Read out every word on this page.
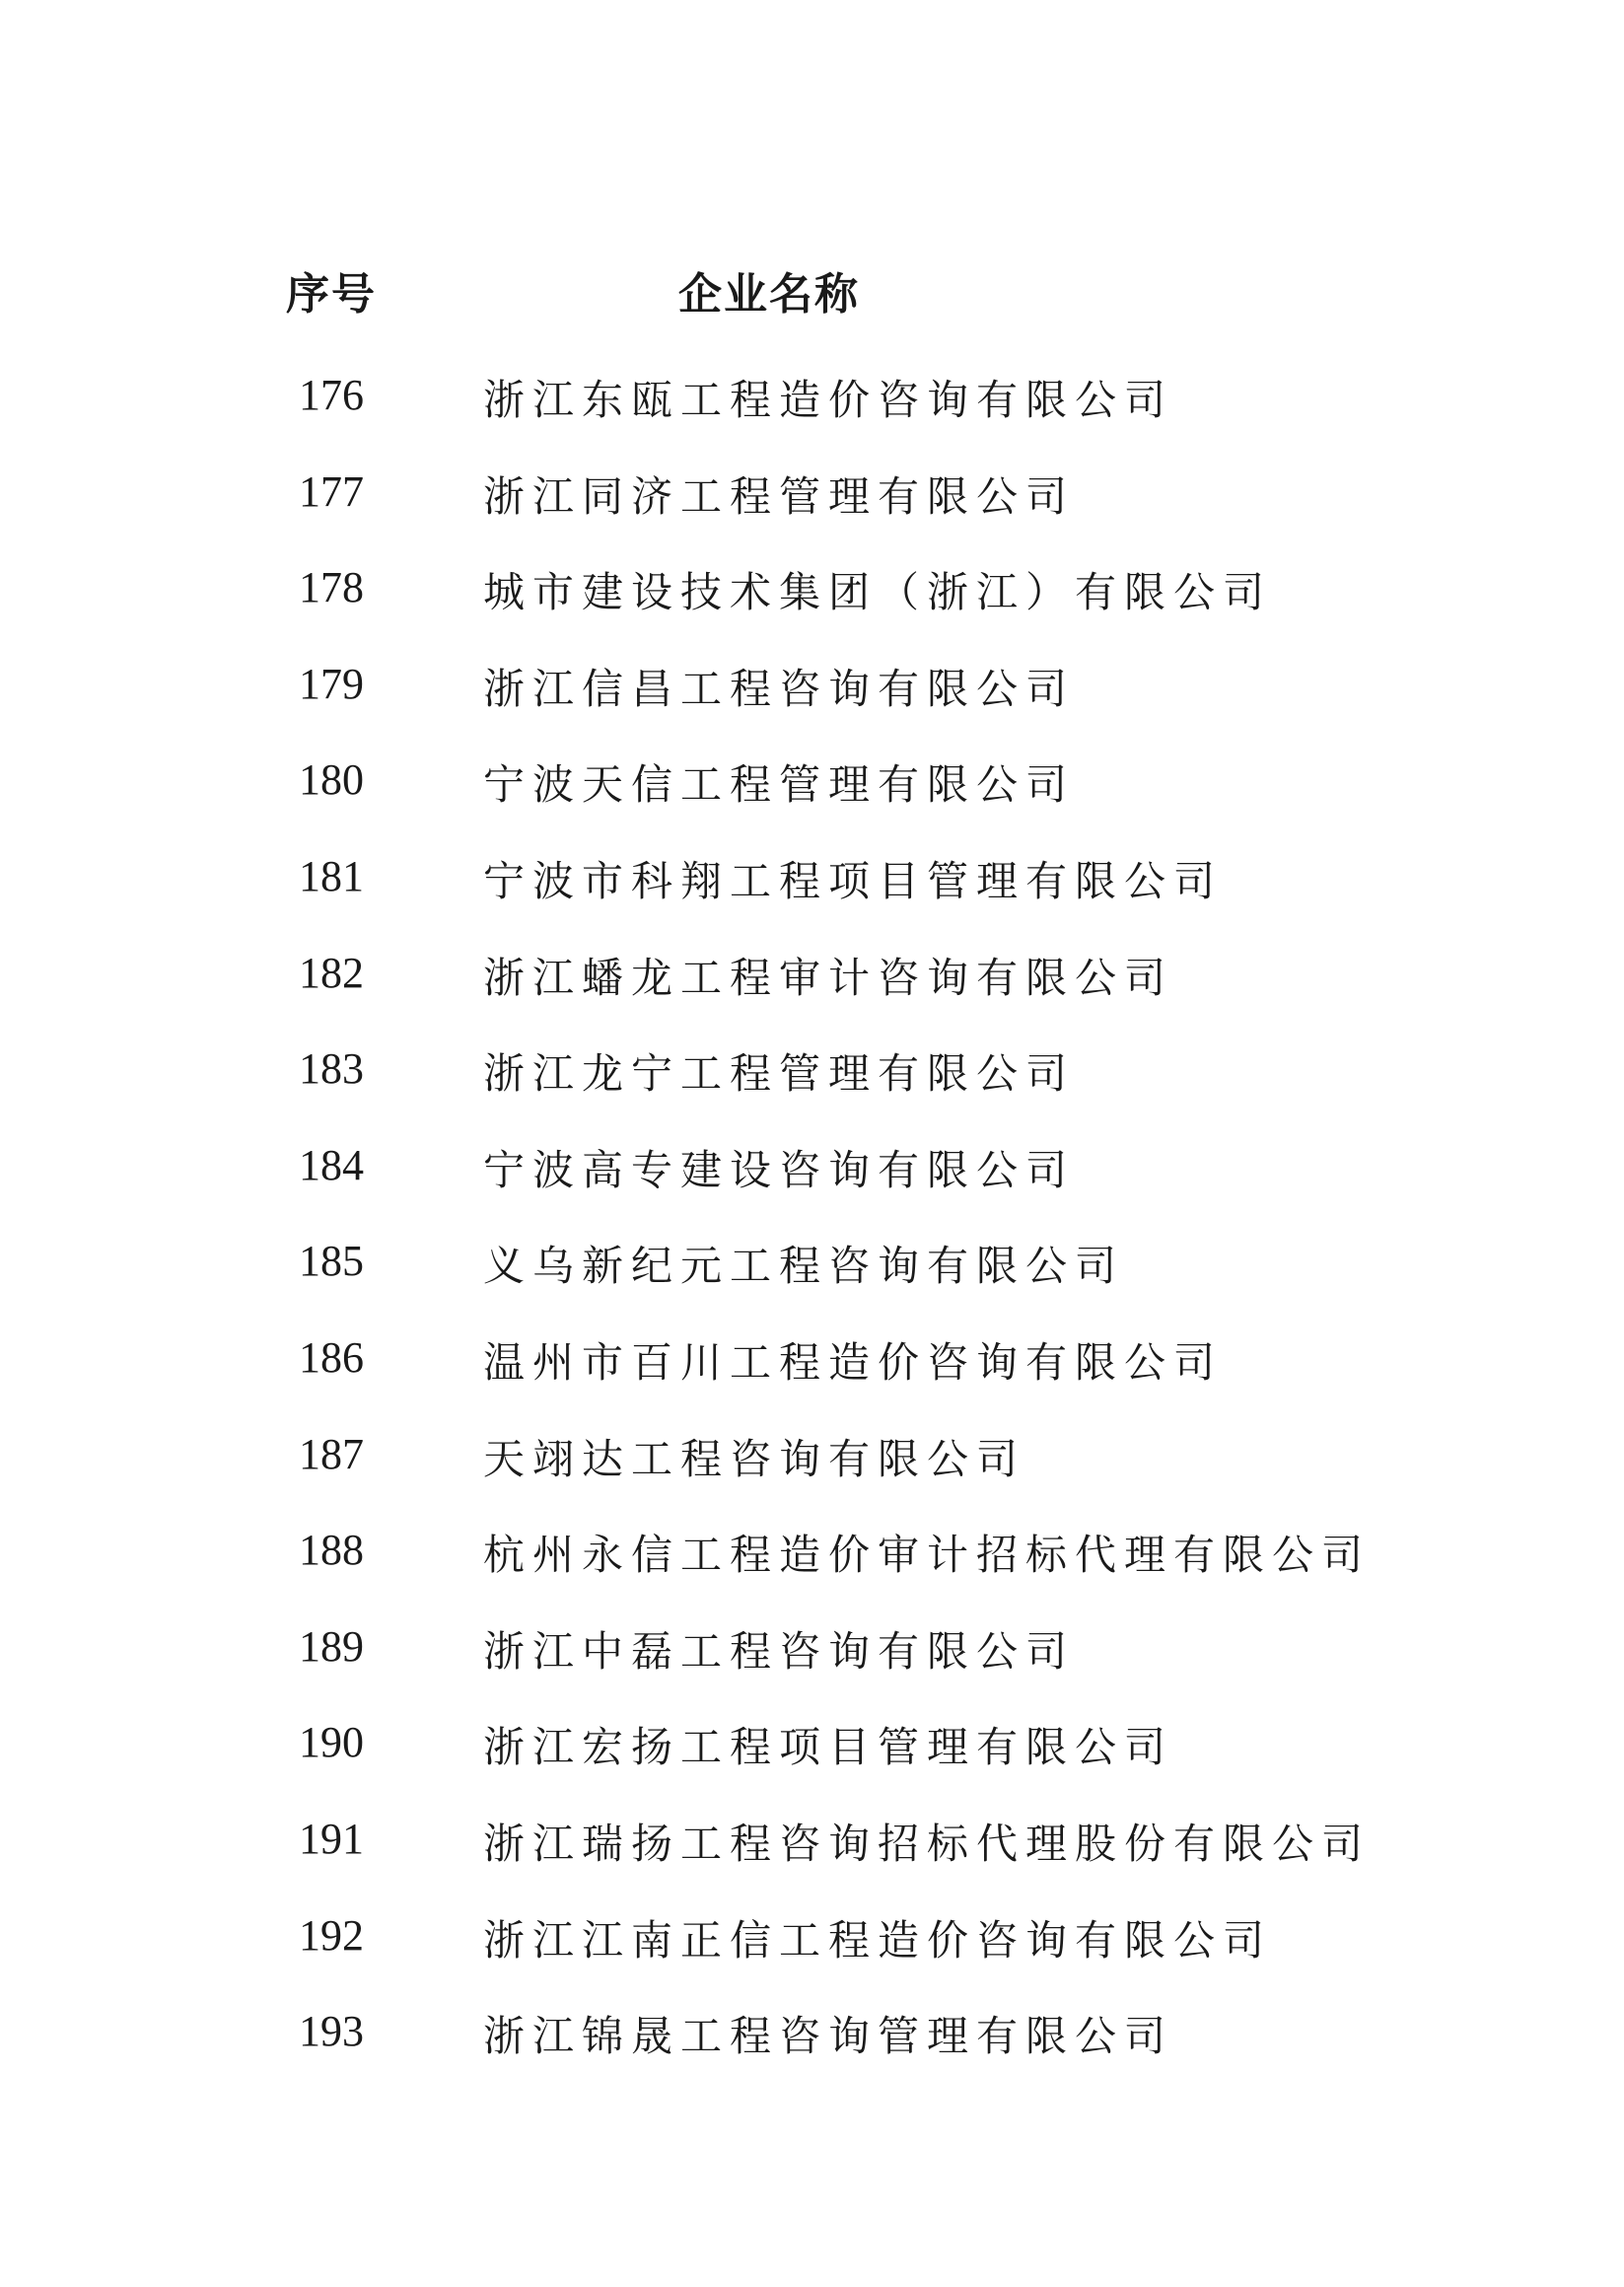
序号	企业名称
176	浙江东瓯工程造价咨询有限公司
177	浙江同济工程管理有限公司
178	城市建设技术集团（浙江）有限公司
179	浙江信昌工程咨询有限公司
180	宁波天信工程管理有限公司
181	宁波市科翔工程项目管理有限公司
182	浙江蟠龙工程审计咨询有限公司
183	浙江龙宁工程管理有限公司
184	宁波高专建设咨询有限公司
185	义乌新纪元工程咨询有限公司
186	温州市百川工程造价咨询有限公司
187	天翊达工程咨询有限公司
188	杭州永信工程造价审计招标代理有限公司
189	浙江中磊工程咨询有限公司
190	浙江宏扬工程项目管理有限公司
191	浙江瑞扬工程咨询招标代理股份有限公司
192	浙江江南正信工程造价咨询有限公司
193	浙江锦晟工程咨询管理有限公司
